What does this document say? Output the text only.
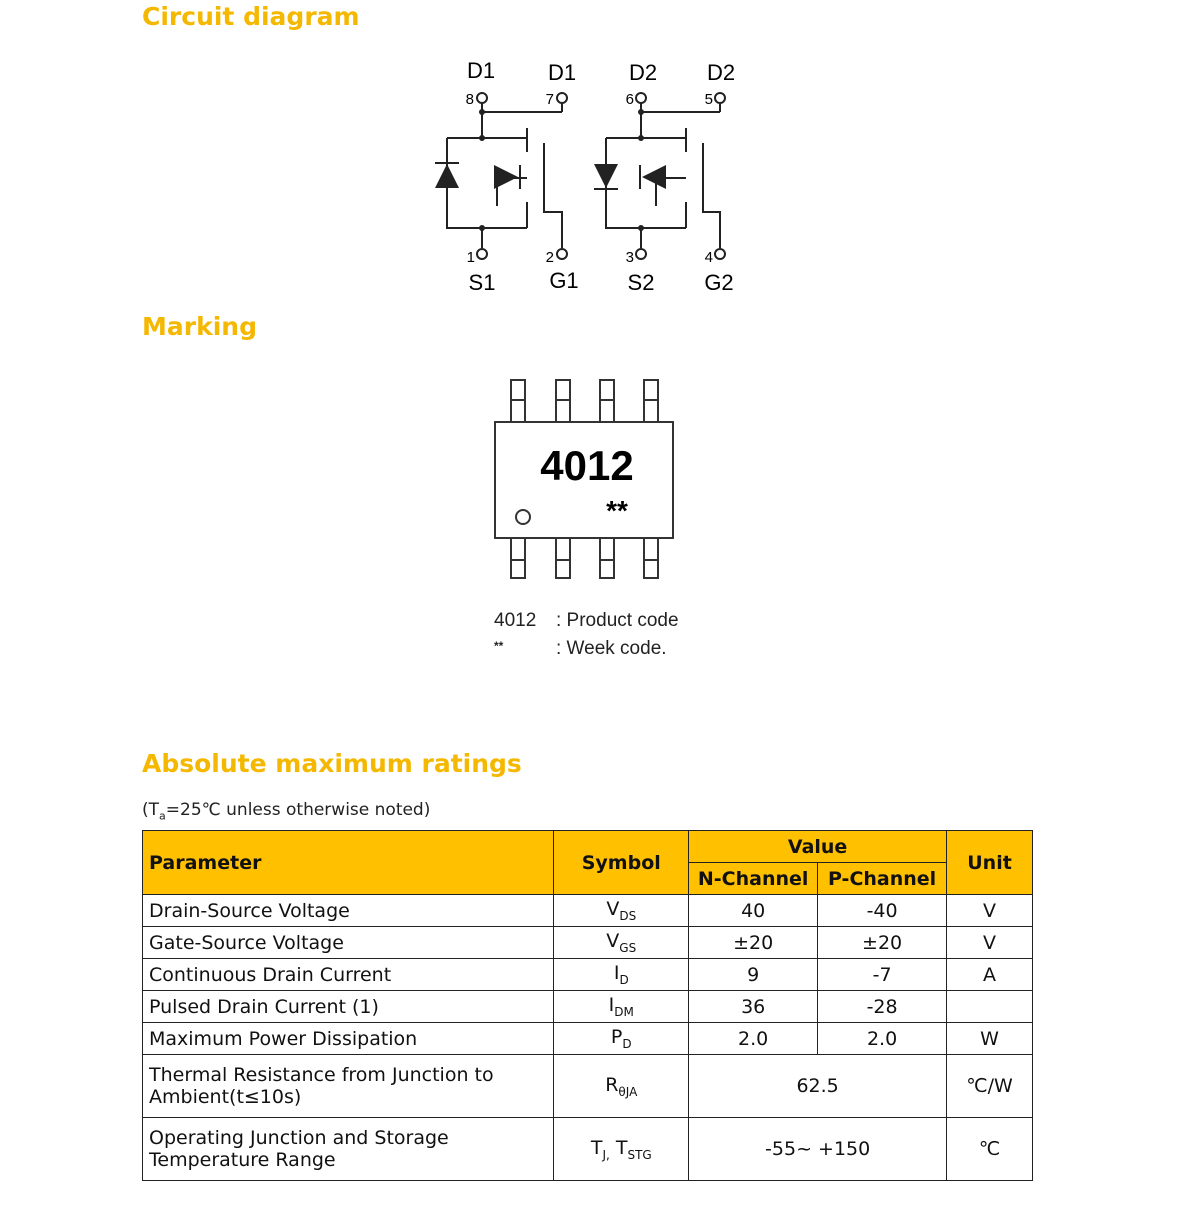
Circuit diagram
D1 D1 D2 D2
8	7	6	5
1	2	3	4
S1 G1 S2 G2
Marking
4012
**
4012 : Product code
**	: Week code.
Absolute maximum ratings
($T_a=25℃$ unless otherwise noted)
Parameter	Symbol	Value		Unit
		N-Channel	P-Channel	
Drain-Source Voltage	$V_{DS}$	40	-40	V
Gate-Source Voltage	$V_{GS}$	±20	±20	V
Continuous Drain Current	$I_D$	9	-7	A
Pulsed Drain Current (1)	$I_{DM}$	36	-28	
Maximum Power Dissipation	$P_D$	2.0	2.0	W

Thermal Resistance from Junction to
Ambient(t≤10s)	$R_{\theta JA}$	62.5		℃/W

Operating Junction and Storage
Temperature Range	$T_{J,}$ $T_{STG}$	-55~ +150		℃
